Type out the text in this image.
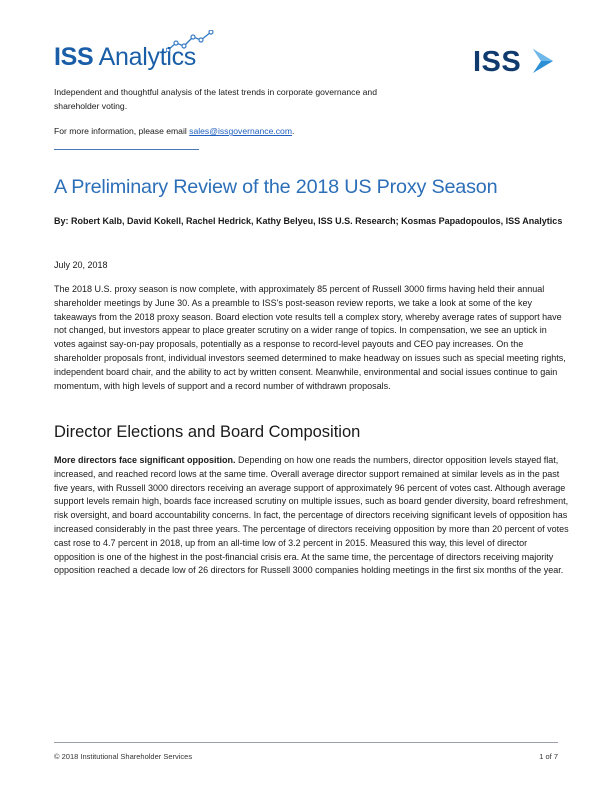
ISS Analytics	ISS

Independent and thoughtful analysis of the latest trends in corporate governance and shareholder voting.

For more information, please email sales@issgovernance.com.

A Preliminary Review of the 2018 US Proxy Season
By: Robert Kalb, David Kokell, Rachel Hedrick, Kathy Belyeu, ISS U.S. Research; Kosmas Papadopoulos, ISS Analytics
July 20, 2018

The 2018 U.S. proxy season is now complete, with approximately 85 percent of Russell 3000 firms having held their annual shareholder meetings by June 30. As a preamble to ISS's post-season review reports, we take a look at some of the key takeaways from the 2018 proxy season. Board election vote results tell a complex story, whereby average rates of support have not changed, but investors appear to place greater scrutiny on a wider range of topics. In compensation, we see an uptick in votes against say-on-pay proposals, potentially as a response to record-level payouts and CEO pay increases. On the shareholder proposals front, individual investors seemed determined to make headway on issues such as special meeting rights, independent board chair, and the ability to act by written consent. Meanwhile, environmental and social issues continue to gain momentum, with high levels of support and a record number of withdrawn proposals.

Director Elections and Board Composition

More directors face significant opposition. Depending on how one reads the numbers, director opposition levels stayed flat, increased, and reached record lows at the same time. Overall average director support remained at similar levels as in the past five years, with Russell 3000 directors receiving an average support of approximately 96 percent of votes cast. Although average support levels remain high, boards face increased scrutiny on multiple issues, such as board gender diversity, board refreshment, risk oversight, and board accountability concerns. In fact, the percentage of directors receiving significant levels of opposition has increased considerably in the past three years. The percentage of directors receiving opposition by more than 20 percent of votes cast rose to 4.7 percent in 2018, up from an all-time low of 3.2 percent in 2015. Measured this way, this level of director opposition is one of the highest in the post-financial crisis era. At the same time, the percentage of directors receiving majority opposition reached a decade low of 26 directors for Russell 3000 companies holding meetings in the first six months of the year.

© 2018 Institutional Shareholder Services	1 of 7
